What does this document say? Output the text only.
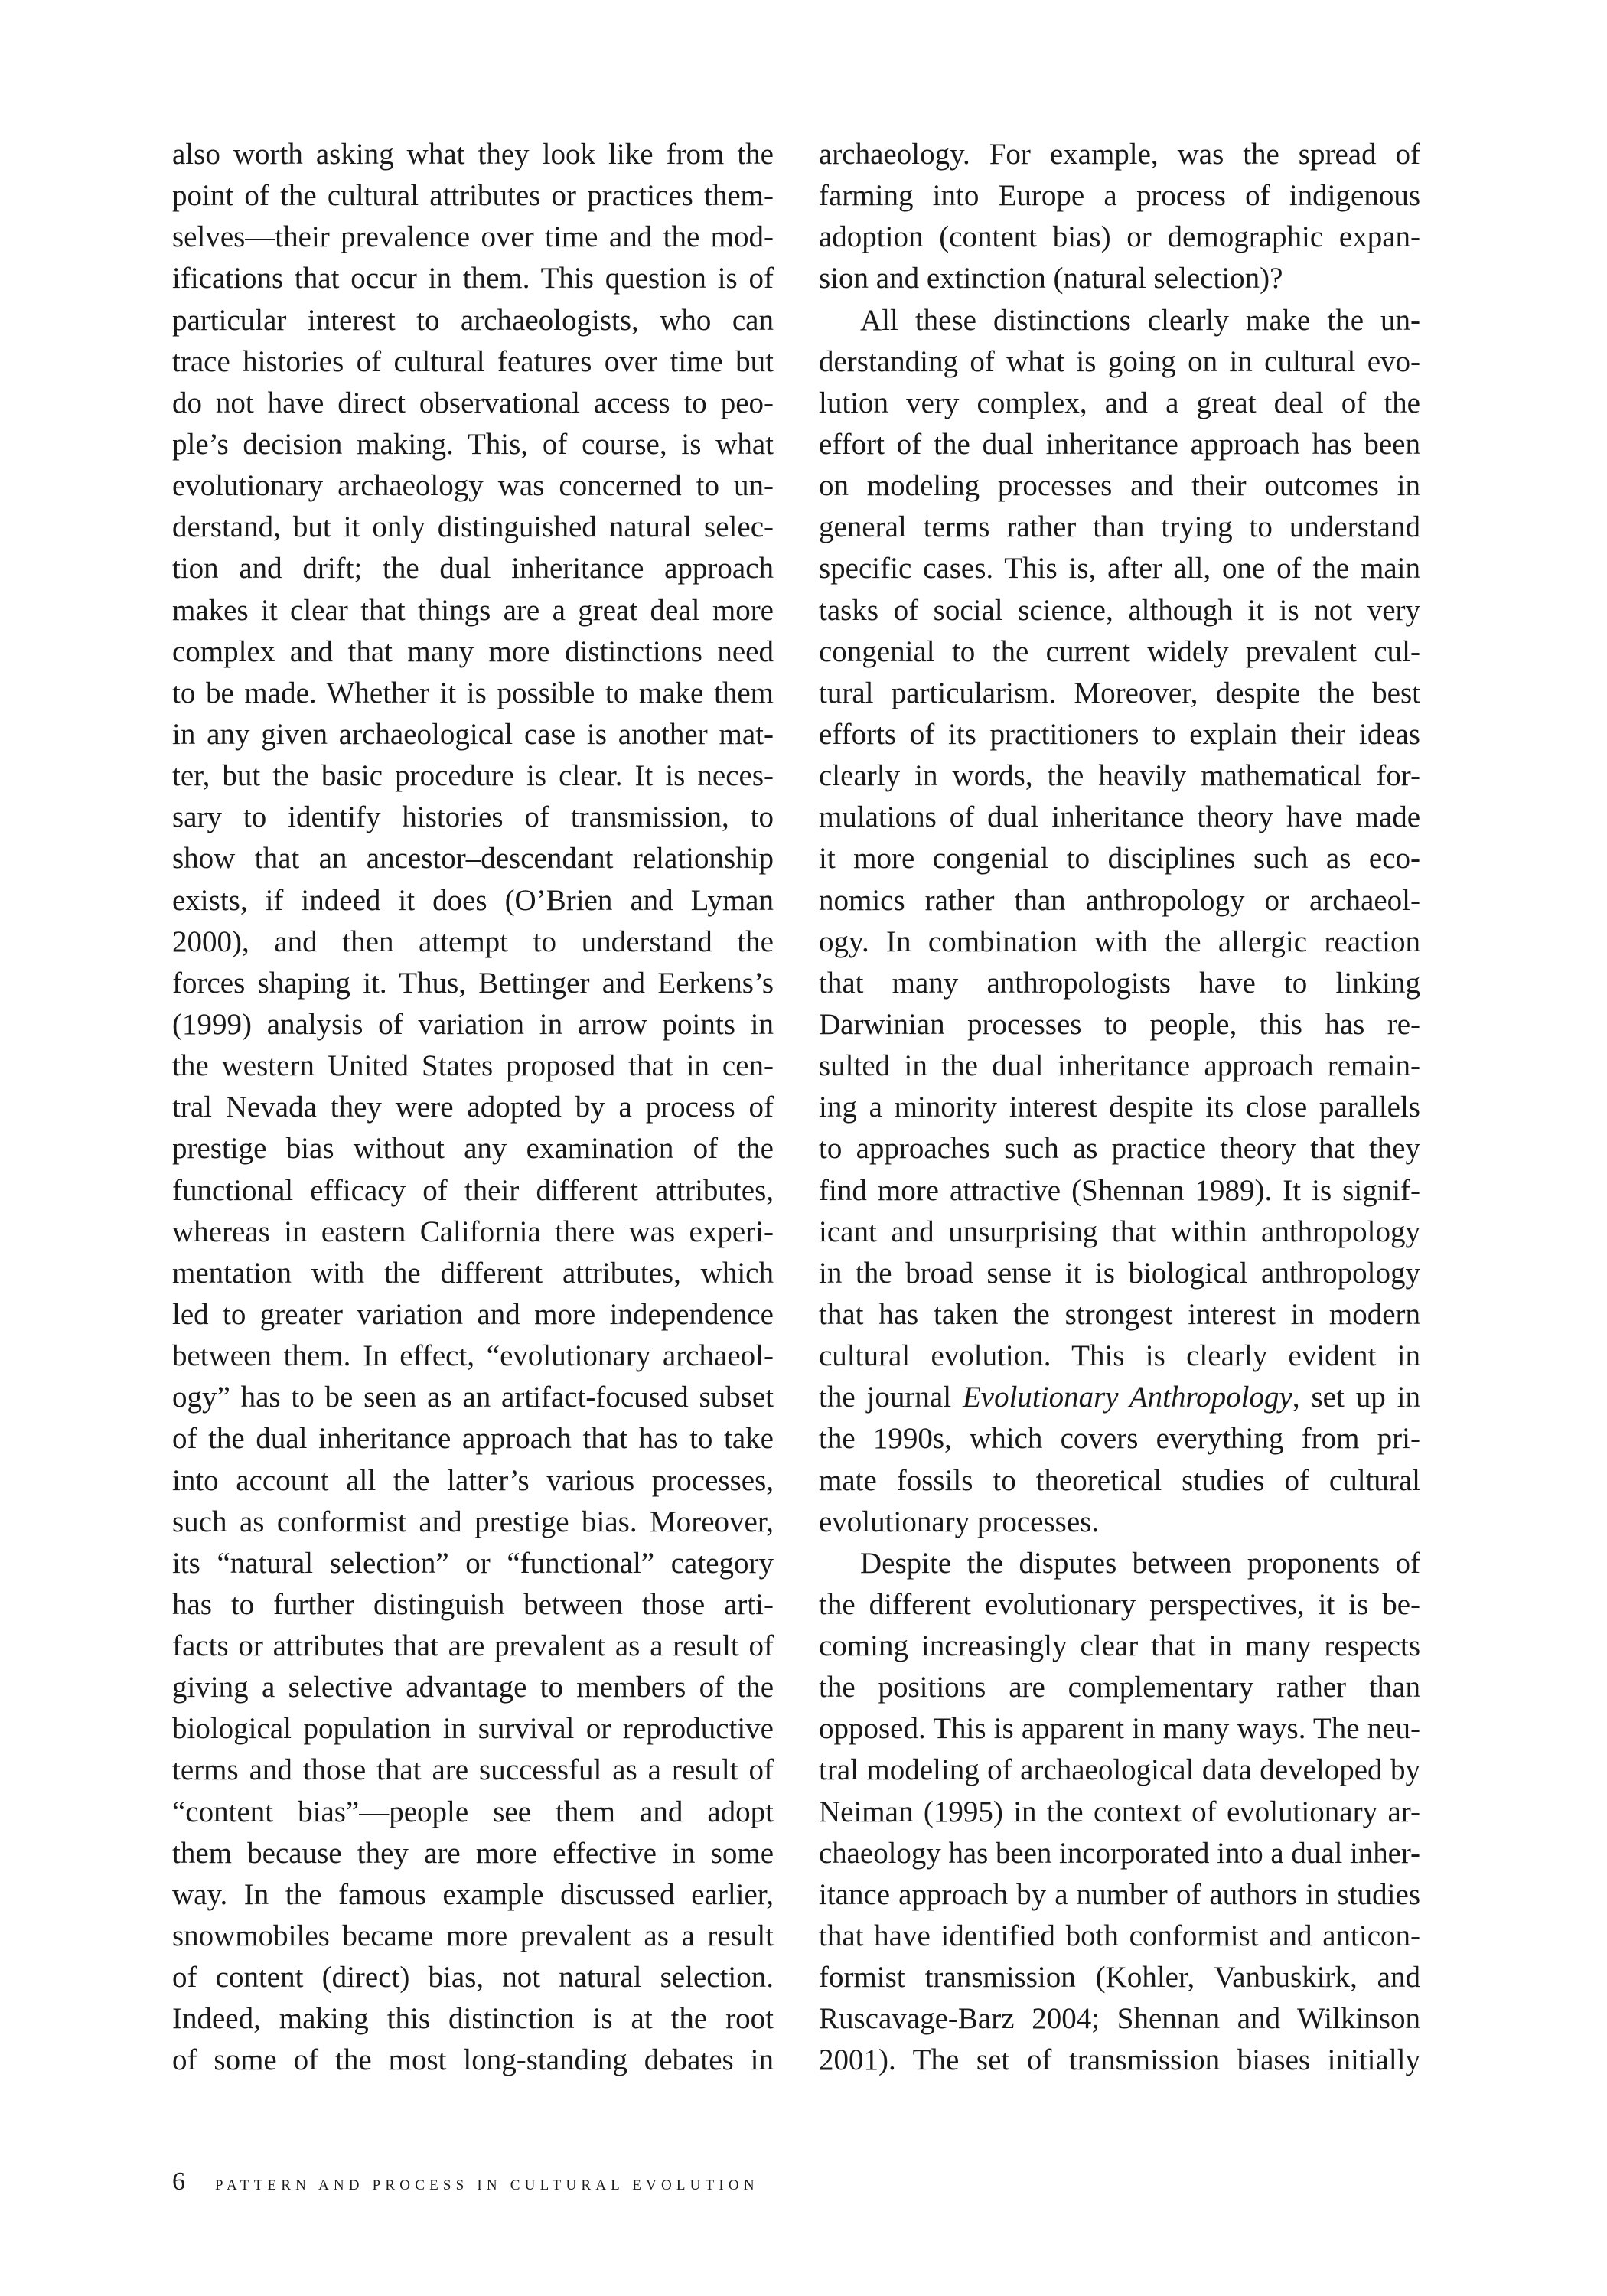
also worth asking what they look like from the
point of the cultural attributes or practices them-
selves—their prevalence over time and the mod-
ifications that occur in them. This question is of
particular interest to archaeologists, who can
trace histories of cultural features over time but
do not have direct observational access to peo-
ple’s decision making. This, of course, is what
evolutionary archaeology was concerned to un-
derstand, but it only distinguished natural selec-
tion and drift; the dual inheritance approach
makes it clear that things are a great deal more
complex and that many more distinctions need
to be made. Whether it is possible to make them
in any given archaeological case is another mat-
ter, but the basic procedure is clear. It is neces-
sary to identify histories of transmission, to
show that an ancestor–descendant relationship
exists, if indeed it does (O’Brien and Lyman
2000), and then attempt to understand the
forces shaping it. Thus, Bettinger and Eerkens’s
(1999) analysis of variation in arrow points in
the western United States proposed that in cen-
tral Nevada they were adopted by a process of
prestige bias without any examination of the
functional efficacy of their different attributes,
whereas in eastern California there was experi-
mentation with the different attributes, which
led to greater variation and more independence
between them. In effect, “evolutionary archaeol-
ogy” has to be seen as an artifact-focused subset
of the dual inheritance approach that has to take
into account all the latter’s various processes,
such as conformist and prestige bias. Moreover,
its “natural selection” or “functional” category
has to further distinguish between those arti-
facts or attributes that are prevalent as a result of
giving a selective advantage to members of the
biological population in survival or reproductive
terms and those that are successful as a result of
“content bias”—people see them and adopt
them because they are more effective in some
way. In the famous example discussed earlier,
snowmobiles became more prevalent as a result
of content (direct) bias, not natural selection.
Indeed, making this distinction is at the root
of some of the most long-standing debates in
archaeology. For example, was the spread of
farming into Europe a process of indigenous
adoption (content bias) or demographic expan-
sion and extinction (natural selection)?
All these distinctions clearly make the un-
derstanding of what is going on in cultural evo-
lution very complex, and a great deal of the
effort of the dual inheritance approach has been
on modeling processes and their outcomes in
general terms rather than trying to understand
specific cases. This is, after all, one of the main
tasks of social science, although it is not very
congenial to the current widely prevalent cul-
tural particularism. Moreover, despite the best
efforts of its practitioners to explain their ideas
clearly in words, the heavily mathematical for-
mulations of dual inheritance theory have made
it more congenial to disciplines such as eco-
nomics rather than anthropology or archaeol-
ogy. In combination with the allergic reaction
that many anthropologists have to linking
Darwinian processes to people, this has re-
sulted in the dual inheritance approach remain-
ing a minority interest despite its close parallels
to approaches such as practice theory that they
find more attractive (Shennan 1989). It is signif-
icant and unsurprising that within anthropology
in the broad sense it is biological anthropology
that has taken the strongest interest in modern
cultural evolution. This is clearly evident in
the journal Evolutionary Anthropology, set up in
the 1990s, which covers everything from pri-
mate fossils to theoretical studies of cultural
evolutionary processes.
Despite the disputes between proponents of
the different evolutionary perspectives, it is be-
coming increasingly clear that in many respects
the positions are complementary rather than
opposed. This is apparent in many ways. The neu-
tral modeling of archaeological data developed by
Neiman (1995) in the context of evolutionary ar-
chaeology has been incorporated into a dual inher-
itance approach by a number of authors in studies
that have identified both conformist and anticon-
formist transmission (Kohler, Vanbuskirk, and
Ruscavage-Barz 2004; Shennan and Wilkinson
2001). The set of transmission biases initially
6 PATTERN AND PROCESS IN CULTURAL EVOLUTION
